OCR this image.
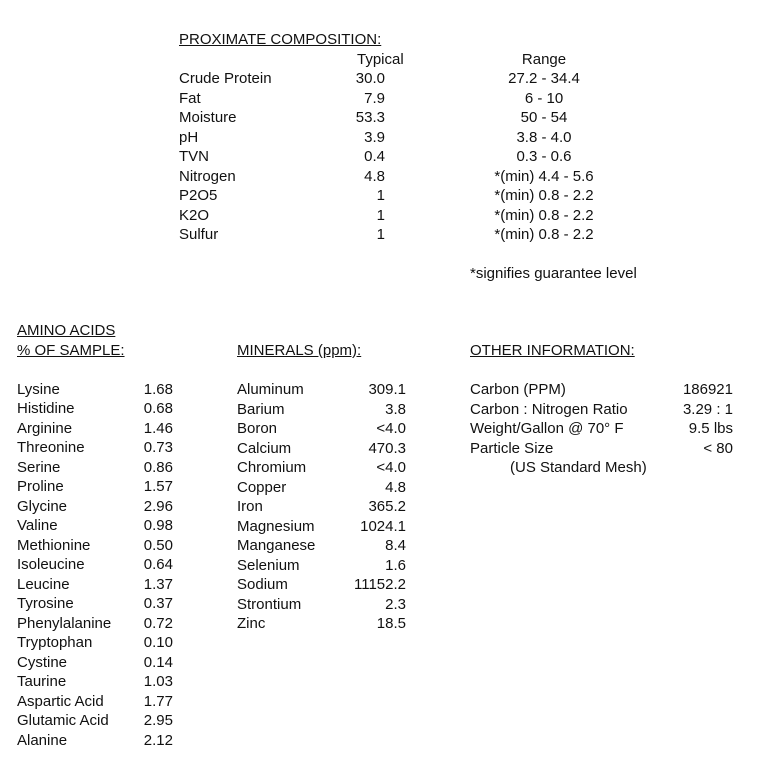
PROXIMATE COMPOSITION:
Typical	Range
Crude Protein	30.0	27.2 - 34.4
Fat	7.9	6 - 10
Moisture	53.3	50 - 54
pH	3.9	3.8 - 4.0
TVN	0.4	0.3 - 0.6
Nitrogen	4.8	*(min) 4.4 - 5.6
P2O5	1	*(min) 0.8 - 2.2
K2O	1	*(min) 0.8 - 2.2
Sulfur	1	*(min) 0.8 - 2.2
*signifies guarantee level
AMINO ACIDS
% OF SAMPLE:
Lysine	1.68
Histidine	0.68
Arginine	1.46
Threonine	0.73
Serine	0.86
Proline	1.57
Glycine	2.96
Valine	0.98
Methionine	0.50
Isoleucine	0.64
Leucine	1.37
Tyrosine	0.37
Phenylalanine 0.72
Tryptophan	0.10
Cystine	0.14
Taurine	1.03
Aspartic Acid	1.77
Glutamic Acid 2.95
Alanine	2.12
MINERALS (ppm):
Aluminum	309.1
Barium	3.8
Boron	<4.0
Calcium	470.3
Chromium	<4.0
Copper	4.8
Iron	365.2
Magnesium	1024.1
Manganese	8.4
Selenium	1.6
Sodium	11152.2
Strontium	2.3
Zinc	18.5
OTHER INFORMATION:
Carbon (PPM)	186921
Carbon : Nitrogen Ratio	3.29 : 1
Weight/Gallon @ 70° F	9.5 lbs
Particle Size	< 80
(US Standard Mesh)
